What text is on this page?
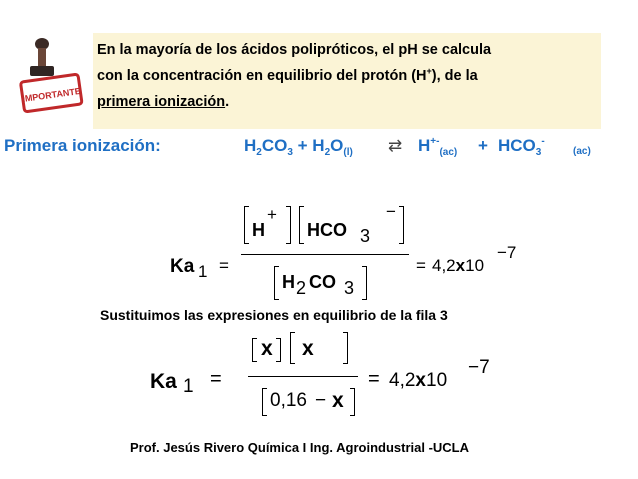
IMPORTANTE
En la mayoría de los ácidos polipróticos, el pH se calcula
con la concentración en equilibrio del protón (H+), de la
primera ionización.
Primera ionización:	$H_2CO_3 + H_2O_{(l)}$ ⇄ $H^{+-}_{(ac)} + HCO_3^-$
(ac)
Ka 1 =
H
+
HCO 3
−
H 2 CO 3
= 4,2x10
−7
Sustituimos las expresiones en equilibrio de la fila 3
Ka 1 =
x x
0,16 − x
= 4,2x10
−7
Prof. Jesús Rivero Química I Ing. Agroindustrial -UCLA
